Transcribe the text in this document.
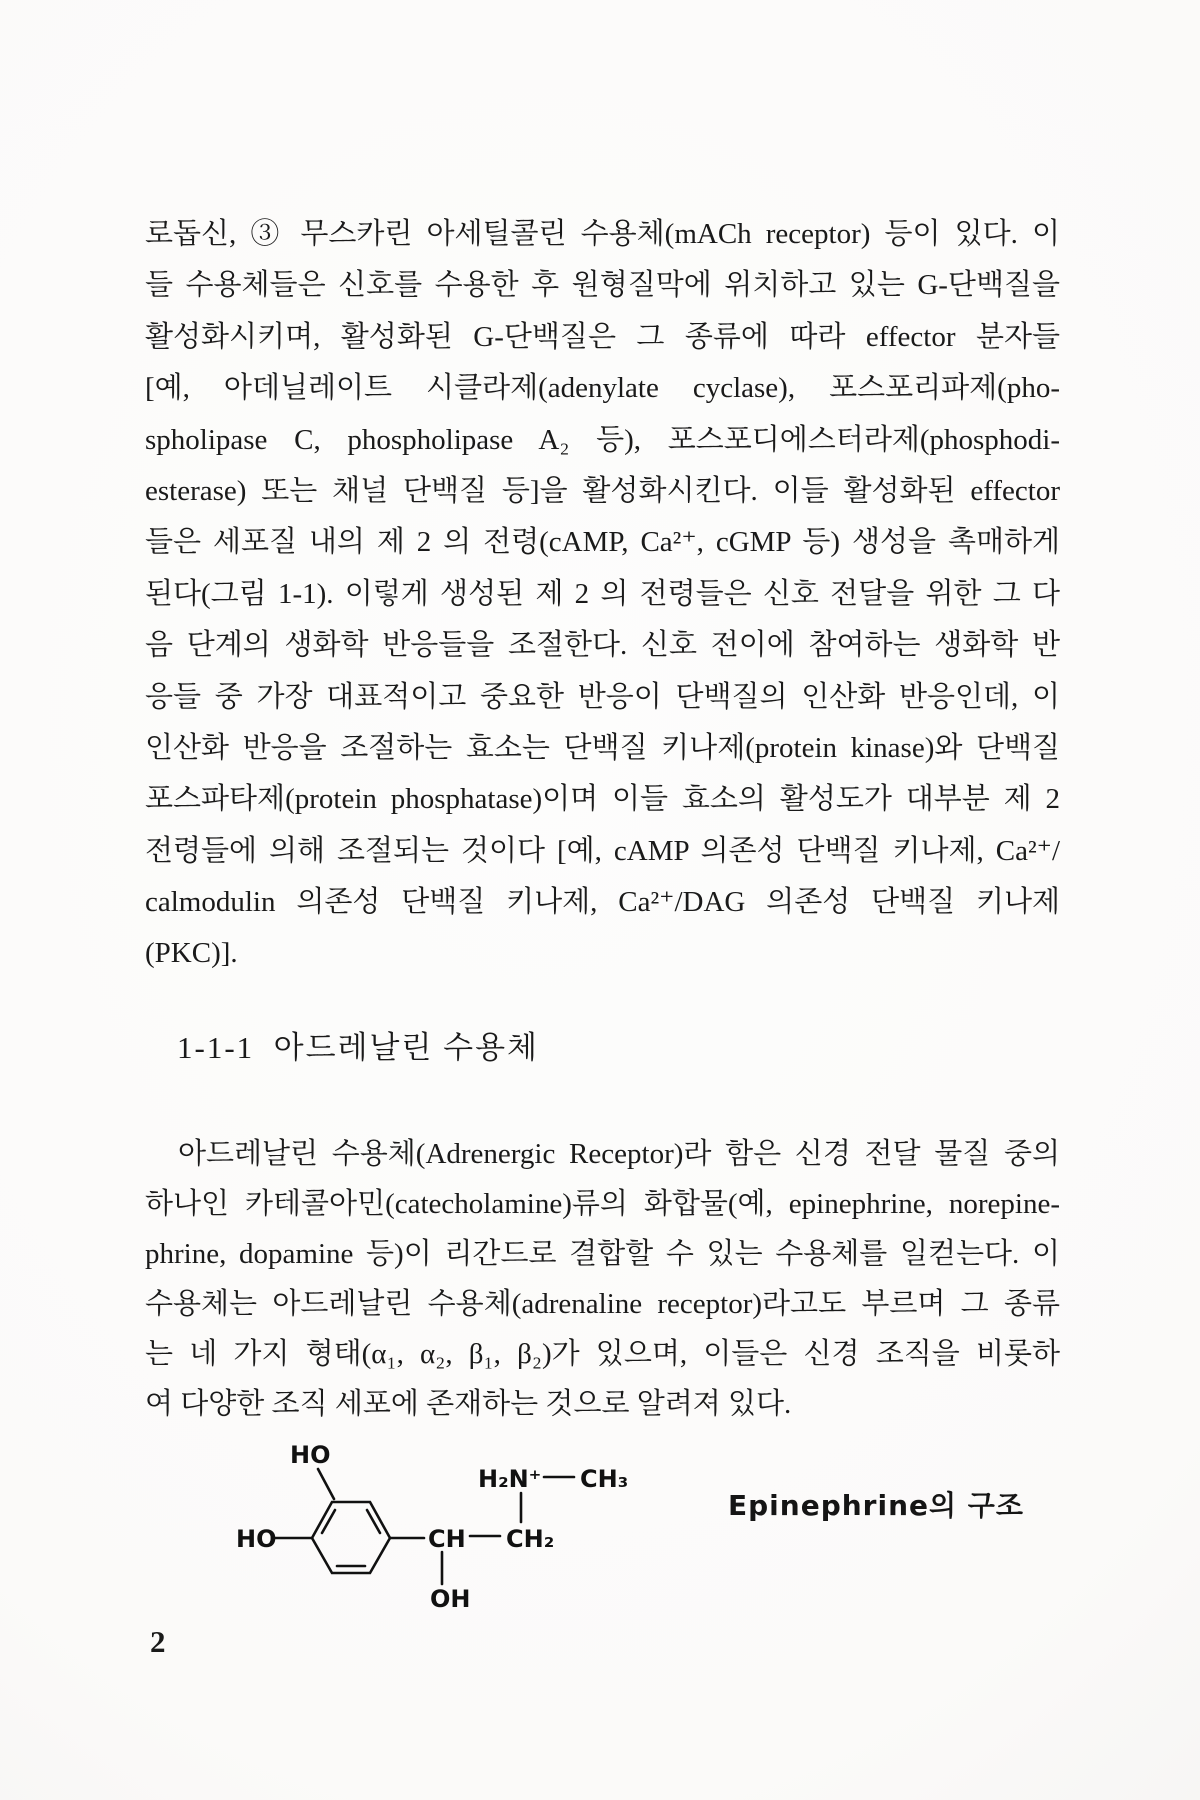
로돕신, ③ 무스카린 아세틸콜린 수용체(mACh receptor) 등이 있다. 이
들 수용체들은 신호를 수용한 후 원형질막에 위치하고 있는 G-단백질을
활성화시키며, 활성화된 G-단백질은 그 종류에 따라 effector 분자들
[예, 아데닐레이트 시클라제(adenylate cyclase), 포스포리파제(pho-
spholipase C, phospholipase A₂ 등), 포스포디에스터라제(phosphodi-
esterase) 또는 채널 단백질 등]을 활성화시킨다. 이들 활성화된 effector
들은 세포질 내의 제 2 의 전령(cAMP, Ca²⁺, cGMP 등) 생성을 촉매하게
된다(그림 1-1). 이렇게 생성된 제 2 의 전령들은 신호 전달을 위한 그 다
음 단계의 생화학 반응들을 조절한다. 신호 전이에 참여하는 생화학 반
응들 중 가장 대표적이고 중요한 반응이 단백질의 인산화 반응인데, 이
인산화 반응을 조절하는 효소는 단백질 키나제(protein kinase)와 단백질
포스파타제(protein phosphatase)이며 이들 효소의 활성도가 대부분 제 2
전령들에 의해 조절되는 것이다 [예, cAMP 의존성 단백질 키나제, Ca²⁺/
calmodulin 의존성 단백질 키나제, Ca²⁺/DAG 의존성 단백질 키나제
(PKC)].
1-1-1  아드레날린 수용체
아드레날린 수용체(Adrenergic Receptor)라 함은 신경 전달 물질 중의
하나인 카테콜아민(catecholamine)류의 화합물(예, epinephrine, norepine-
phrine, dopamine 등)이 리간드로 결합할 수 있는 수용체를 일컫는다. 이
수용체는 아드레날린 수용체(adrenaline receptor)라고도 부르며 그 종류
는 네 가지 형태(α₁, α₂, β₁, β₂)가 있으며, 이들은 신경 조직을 비롯하
여 다양한 조직 세포에 존재하는 것으로 알려져 있다.
HO
HO	CH CH₂
H₂N⁺ CH₃
OH
Epinephrine의 구조
2
